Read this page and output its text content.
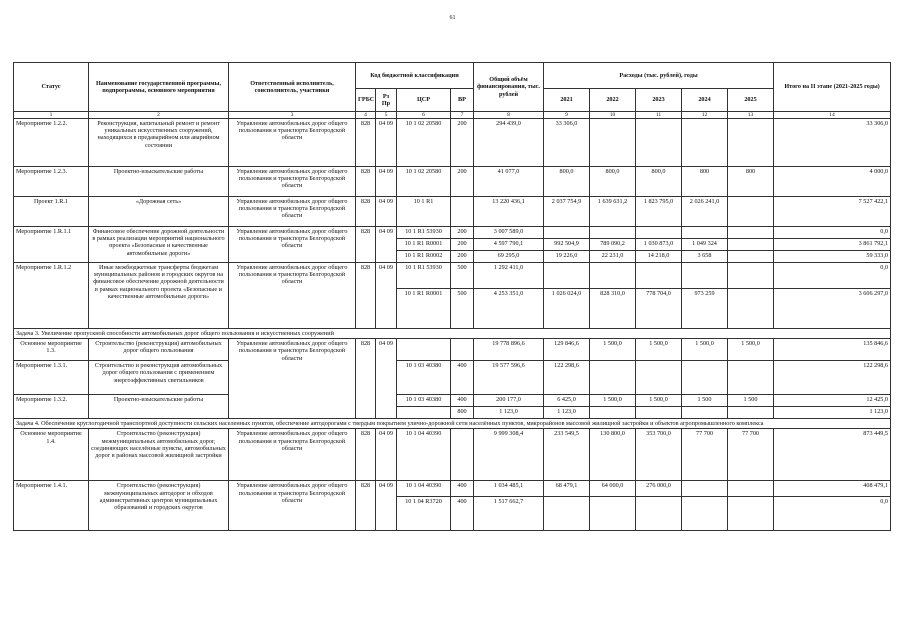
61
Статус	Наименование государственной программы, подпрограммы, основного мероприятия	Ответственный исполнитель, соисполнитель, участники	Код бюджетной классификации				Общий объём финансирования, тыс. рублей	Расходы (тыс. рублей), годы					Итого на II этапе (2021-2025 годы)
			ГРБС	Рз Пр	ЦСР	ВР		2021	2022	2023	2024	2025	
1	2	3	4	5	6	7	8	9	10	11	12	13	14
Мероприятие 1.2.2.	Реконструкция, капитальный ремонт и ремонт уникальных искусственных сооружений, находящихся в предаварийном или аварийном состоянии	Управление автомобильных дорог общего пользования и транспорта Белгородской области	828	04 09	10 1 02 20580	200	294 439,0	33 306,0					33 306,0
Мероприятие 1.2.3.	Проектно-изыскательские работы	Управление автомобильных дорог общего пользования и транспорта Белгородской области	828	04 09	10 1 02 20580	200	41 077,0	800,0	800,0	800,0	800	800	4 000,0
Проект 1.R.1	«Дорожная сеть»	Управление автомобильных дорог общего пользования и транспорта Белгородской области	828	04 09	10 1 R1		13 220 436,1	2 037 754,9	1 639 631,2	1 823 795,0	2 026 241,0		7 527 422,1
Мероприятие 1.R.1.1	Финансовое обеспечение дорожной деятельности в рамках реализации мероприятий национального проекта «Безопасные и качественные автомобильные дороги»	Управление автомобильных дорог общего пользования и транспорта Белгородской области	828	04 09	10 1 R1 53930	200	3 007 589,0						0,0
					10 1 R1 R0001	200	4 597 790,1	992 504,9	789 090,2	1 030 873,0	1 049 324		3 861 792,1
					10 1 R1 R0002	200	69 295,0	19 226,0	22 231,0	14 218,0	3 658		59 333,0
Мероприятие 1.R.1.2	Иные межбюджетные трансферты бюджетам муниципальных районов и городских округов на финансовое обеспечение дорожной деятельности в рамках национального проекта «Безопасные и качественные автомобильные дороги»	Управление автомобильных дорог общего пользования и транспорта Белгородской области	828	04 09	10 1 R1 53930	500	1 292 411,0						0,0
					10 1 R1 R0001	500	4 253 351,0	1 026 024,0	828 310,0	778 704,0	973 259		3 606 297,0
Задача 3. Увеличение пропускной способности автомобильных дорог общего пользования и искусственных сооружений													
Основное мероприятие 1.3.	Строительство (реконструкция) автомобильных дорог общего пользования	Управление автомобильных дорог общего пользования и транспорта Белгородской области	828	04 09			19 778 896,6	129 846,6	1 500,0	1 500,0	1 500,0	1 500,0	135 846,6
Мероприятие 1.3.1.	Строительство и реконструкция автомобильных дорог общего пользования с применением энергоэффективных светильников				10 1 03 40380	400	19 577 596,6	122 298,6					122 298,6
Мероприятие 1.3.2.	Проектно-изыскательские работы				10 1 03 40380	400	200 177,0	6 425,0	1 500,0	1 500,0	1 500	1 500	12 425,0
						800	1 123,0	1 123,0					1 123,0
Задача 4. Обеспечение круглогодичной транспортной доступности сельских населенных пунктов, обеспечение автодорогами с твердым покрытием улично-дорожной сети населённых пунктов, микрорайонов массовой жилищной застройки и объектов агропромышленного комплекса													
Основное мероприятие 1.4.	Строительство (реконструкция) межмуниципальных автомобильных дорог, соединяющих населённые пункты, автомобильных дорог в районах массовой жилищной застройки	Управление автомобильных дорог общего пользования и транспорта Белгородской области	828	04 09	10 1 04 40390		9 999 308,4	233 549,5	130 800,0	353 700,0	77 700	77 700	873 449,5
Мероприятие 1.4.1.	Строительство (реконструкция) межмуниципальных автодорог и обходов административных центров муниципальных образований и городских округов	Управление автомобильных дорог общего пользования и транспорта Белгородской области	828	04 09	10 1 04 40390	400	1 034 485,1	68 479,1	64 000,0	276 000,0			408 479,1
					10 1 04 R3720	400	1 517 662,7						0,0
